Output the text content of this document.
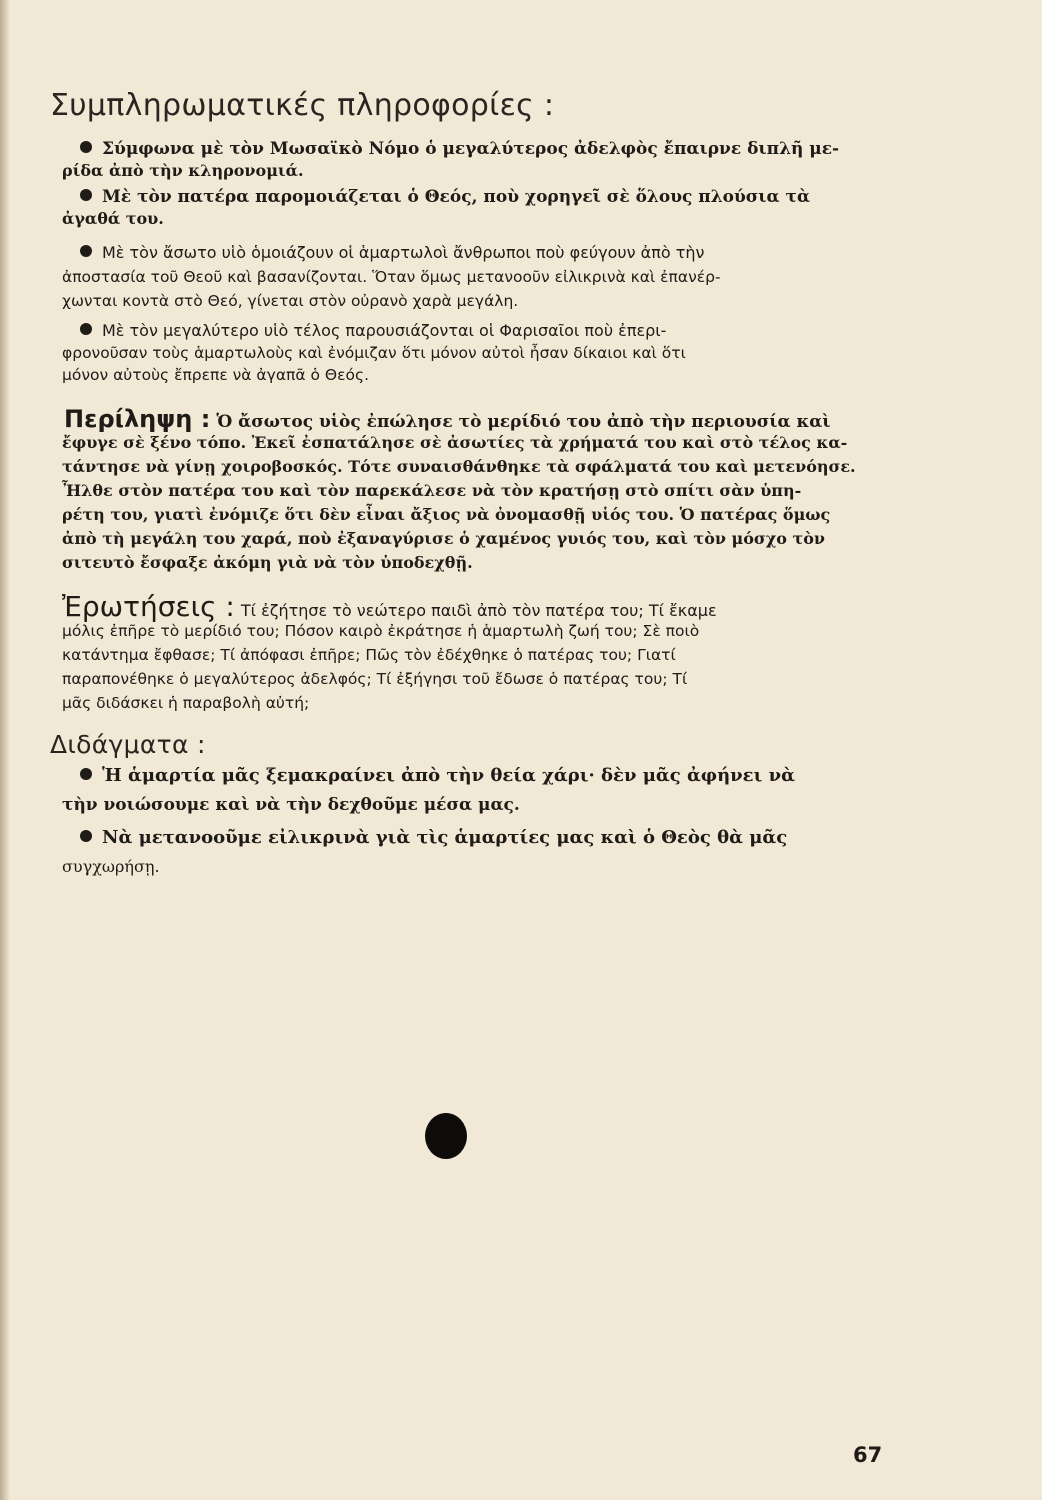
Συμπληρωματικές πληροφορίες :
Σύμφωνα μὲ τὸν Μωσαϊκὸ Νόμο ὁ μεγαλύτερος ἀδελφὸς ἔπαιρνε διπλῆ με-
ρίδα ἀπὸ τὴν κληρονομιά.
Μὲ τὸν πατέρα παρομοιάζεται ὁ Θεός, ποὺ χορηγεῖ σὲ ὅλους πλούσια τὰ
ἀγαθά του.
Μὲ τὸν ἄσωτο υἱὸ ὁμοιάζουν οἱ ἁμαρτωλοὶ ἄνθρωποι ποὺ φεύγουν ἀπὸ τὴν
ἀποστασία τοῦ Θεοῦ καὶ βασανίζονται. Ὅταν ὅμως μετανοοῦν εἰλικρινὰ καὶ ἐπανέρ-
χωνται κοντὰ στὸ Θεό, γίνεται στὸν οὐρανὸ χαρὰ μεγάλη.
Μὲ τὸν μεγαλύτερο υἱὸ τέλος παρουσιάζονται οἱ Φαρισαῖοι ποὺ ἐπερι-
φρονοῦσαν τοὺς ἁμαρτωλοὺς καὶ ἐνόμιζαν ὅτι μόνον αὐτοὶ ἦσαν δίκαιοι καὶ ὅτι
μόνον αὐτοὺς ἔπρεπε νὰ ἀγαπᾶ ὁ Θεός.
Περίληψη : Ὁ ἄσωτος υἱὸς ἐπώλησε τὸ μερίδιό του ἀπὸ τὴν περιουσία καὶ
ἔφυγε σὲ ξένο τόπο. Ἐκεῖ ἐσπατάλησε σὲ ἀσωτίες τὰ χρήματά του καὶ στὸ τέλος κα-
τάντησε νὰ γίνῃ χοιροβοσκός. Τότε συναισθάνθηκε τὰ σφάλματά του καὶ μετενόησε.
Ἦλθε στὸν πατέρα του καὶ τὸν παρεκάλεσε νὰ τὸν κρατήσῃ στὸ σπίτι σὰν ὑπη-
ρέτη του, γιατὶ ἐνόμιζε ὅτι δὲν εἶναι ἄξιος νὰ ὀνομασθῇ υἱός του. Ὁ πατέρας ὅμως
ἀπὸ τὴ μεγάλη του χαρά, ποὺ ἐξαναγύρισε ὁ χαμένος γυιός του, καὶ τὸν μόσχο τὸν
σιτευτὸ ἔσφαξε ἀκόμη γιὰ νὰ τὸν ὑποδεχθῇ.
Ἐρωτήσεις : Τί ἐζήτησε τὸ νεώτερο παιδὶ ἀπὸ τὸν πατέρα του; Τί ἔκαμε
μόλις ἐπῆρε τὸ μερίδιό του; Πόσον καιρὸ ἐκράτησε ἡ ἁμαρτωλὴ ζωή του; Σὲ ποιὸ
κατάντημα ἔφθασε; Τί ἀπόφασι ἐπῆρε; Πῶς τὸν ἐδέχθηκε ὁ πατέρας του; Γιατί
παραπονέθηκε ὁ μεγαλύτερος ἀδελφός; Τί ἐξήγησι τοῦ ἔδωσε ὁ πατέρας του; Τί
μᾶς διδάσκει ἡ παραβολὴ αὐτή;
Διδάγματα :
Ἡ ἁμαρτία μᾶς ξεμακραίνει ἀπὸ τὴν θεία χάρι· δὲν μᾶς ἀφήνει νὰ
τὴν νοιώσουμε καὶ νὰ τὴν δεχθοῦμε μέσα μας.
Νὰ μετανοοῦμε εἰλικρινὰ γιὰ τὶς ἁμαρτίες μας καὶ ὁ Θεὸς θὰ μᾶς
συγχωρήσῃ.
67
